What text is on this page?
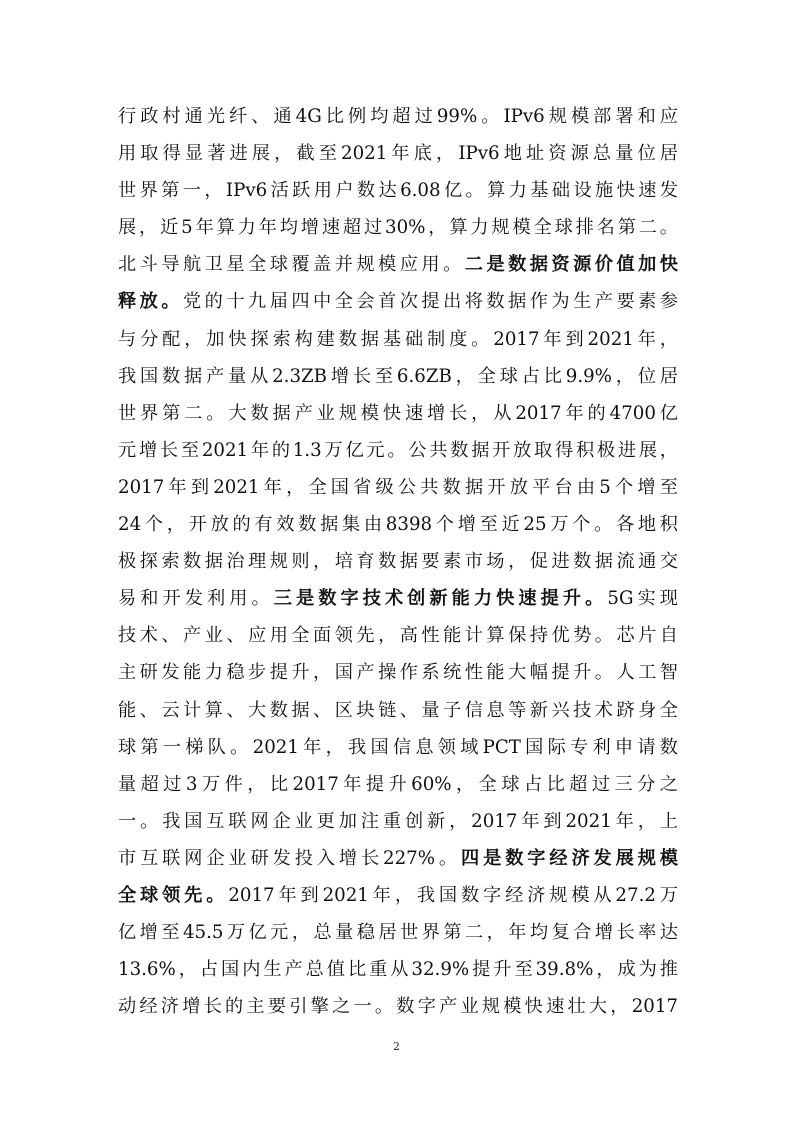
行政村通光纤、通4G比例均超过99%。IPv6规模部署和应
用取得显著进展，截至2021年底，IPv6地址资源总量位居
世界第一，IPv6活跃用户数达6.08亿。算力基础设施快速发
展，近5年算力年均增速超过30%，算力规模全球排名第二。
北斗导航卫星全球覆盖并规模应用。二是数据资源价值加快
释放。党的十九届四中全会首次提出将数据作为生产要素参
与分配，加快探索构建数据基础制度。2017年到2021年，
我国数据产量从2.3ZB增长至6.6ZB，全球占比9.9%，位居
世界第二。大数据产业规模快速增长，从2017年的4700亿
元增长至2021年的1.3万亿元。公共数据开放取得积极进展，
2017年到2021年，全国省级公共数据开放平台由5个增至
24个，开放的有效数据集由8398个增至近25万个。各地积
极探索数据治理规则，培育数据要素市场，促进数据流通交
易和开发利用。三是数字技术创新能力快速提升。5G实现
技术、产业、应用全面领先，高性能计算保持优势。芯片自
主研发能力稳步提升，国产操作系统性能大幅提升。人工智
能、云计算、大数据、区块链、量子信息等新兴技术跻身全
球第一梯队。2021年，我国信息领域PCT国际专利申请数
量超过3万件，比2017年提升60%，全球占比超过三分之
一。我国互联网企业更加注重创新，2017年到2021年，上
市互联网企业研发投入增长227%。四是数字经济发展规模
全球领先。2017年到2021年，我国数字经济规模从27.2万
亿增至45.5万亿元，总量稳居世界第二，年均复合增长率达
13.6%，占国内生产总值比重从32.9%提升至39.8%，成为推
动经济增长的主要引擎之一。数字产业规模快速壮大，2017
2
